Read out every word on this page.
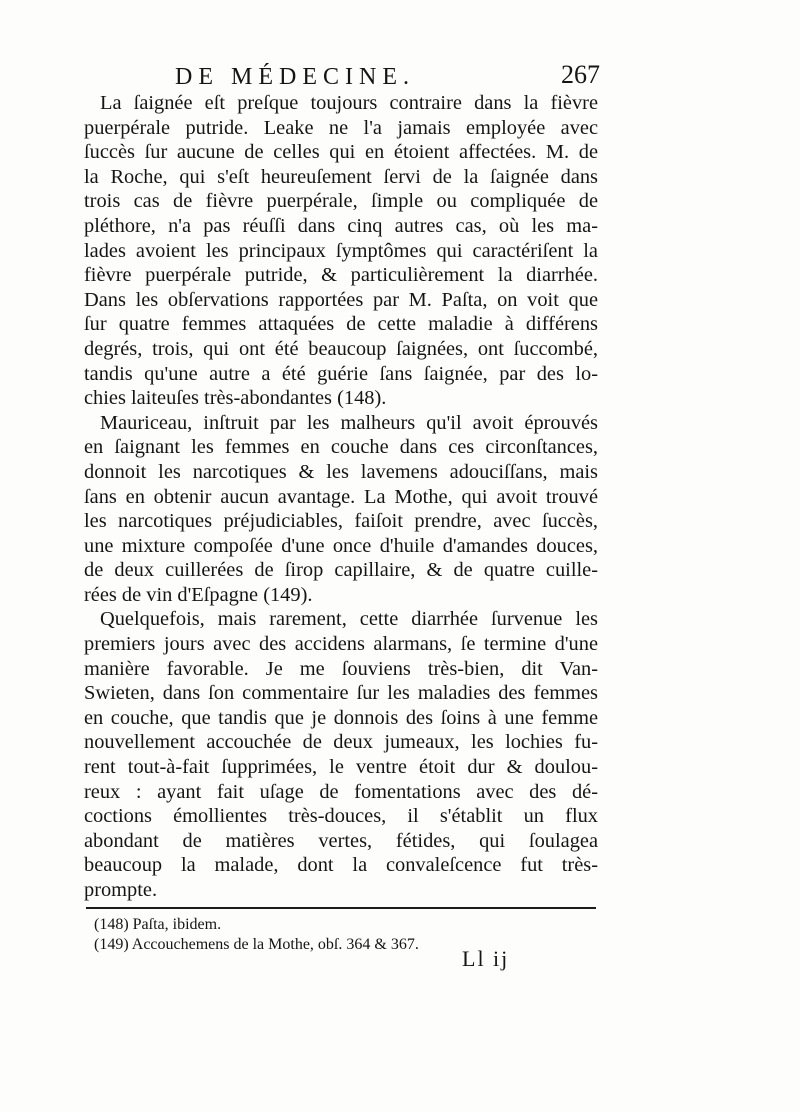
DE MÉDECINE.	267
La ſaignée eſt preſque toujours contraire dans la fièvre
puerpérale putride. Leake ne l'a jamais employée avec
ſuccès ſur aucune de celles qui en étoient affectées. M. de
la Roche, qui s'eſt heureuſement ſervi de la ſaignée dans
trois cas de fièvre puerpérale, ſimple ou compliquée de
pléthore, n'a pas réuſſi dans cinq autres cas, où les ma-
lades avoient les principaux ſymptômes qui caractériſent la
fièvre puerpérale putride, & particulièrement la diarrhée.
Dans les obſervations rapportées par M. Paſta, on voit que
ſur quatre femmes attaquées de cette maladie à différens
degrés, trois, qui ont été beaucoup ſaignées, ont ſuccombé,
tandis qu'une autre a été guérie ſans ſaignée, par des lo-
chies laiteuſes très-abondantes (148).
Mauriceau, inſtruit par les malheurs qu'il avoit éprouvés
en ſaignant les femmes en couche dans ces circonſtances,
donnoit les narcotiques & les lavemens adouciſſans, mais
ſans en obtenir aucun avantage. La Mothe, qui avoit trouvé
les narcotiques préjudiciables, faiſoit prendre, avec ſuccès,
une mixture compoſée d'une once d'huile d'amandes douces,
de deux cuillerées de ſirop capillaire, & de quatre cuille-
rées de vin d'Eſpagne (149).
Quelquefois, mais rarement, cette diarrhée ſurvenue les
premiers jours avec des accidens alarmans, ſe termine d'une
manière favorable. Je me ſouviens très-bien, dit Van-
Swieten, dans ſon commentaire ſur les maladies des femmes
en couche, que tandis que je donnois des ſoins à une femme
nouvellement accouchée de deux jumeaux, les lochies fu-
rent tout-à-fait ſupprimées, le ventre étoit dur & doulou-
reux : ayant fait uſage de fomentations avec des dé-
coctions émollientes très-douces, il s'établit un flux
abondant de matières vertes, fétides, qui ſoulagea
beaucoup la malade, dont la convaleſcence fut très-
prompte.
(148) Paſta, ibidem.
(149) Accouchemens de la Mothe, obſ. 364 & 367.
Ll ij
